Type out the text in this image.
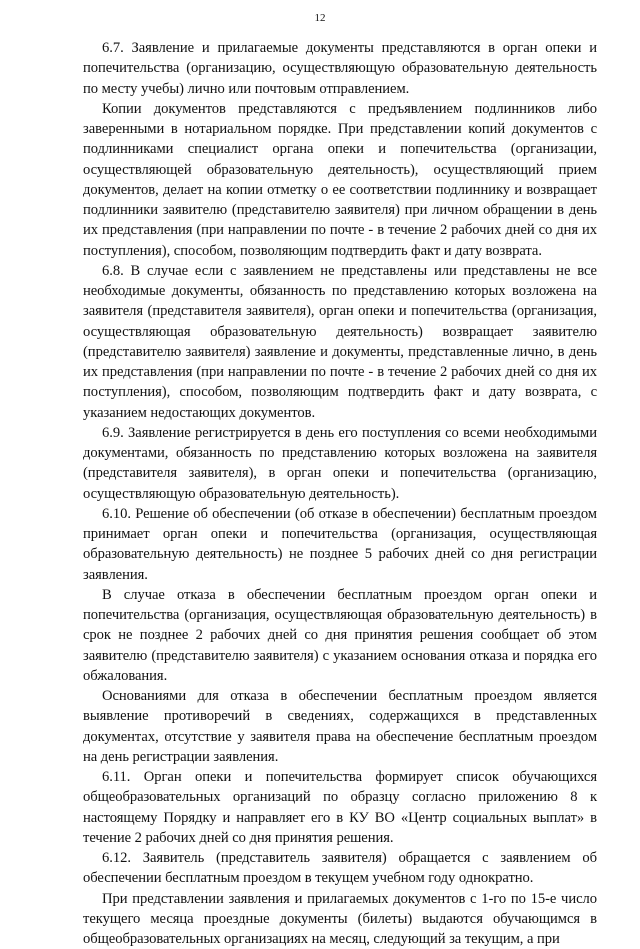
12

6.7. Заявление и прилагаемые документы представляются в орган опеки и попечительства (организацию, осуществляющую образовательную деятельность по месту учебы) лично или почтовым отправлением.

Копии документов представляются с предъявлением подлинников либо заверенными в нотариальном порядке. При представлении копий документов с подлинниками специалист органа опеки и попечительства (организации, осуществляющей образовательную деятельность), осуществляющий прием документов, делает на копии отметку о ее соответствии подлиннику и возвращает подлинники заявителю (представителю заявителя) при личном обращении в день их представления (при направлении по почте - в течение 2 рабочих дней со дня их поступления), способом, позволяющим подтвердить факт и дату возврата.

6.8. В случае если с заявлением не представлены или представлены не все необходимые документы, обязанность по представлению которых возложена на заявителя (представителя заявителя), орган опеки и попечительства (организация, осуществляющая образовательную деятельность) возвращает заявителю (представителю заявителя) заявление и документы, представленные лично, в день их представления (при направлении по почте - в течение 2 рабочих дней со дня их поступления), способом, позволяющим подтвердить факт и дату возврата, с указанием недостающих документов.

6.9. Заявление регистрируется в день его поступления со всеми необходимыми документами, обязанность по представлению которых возложена на заявителя (представителя заявителя), в орган опеки и попечительства (организацию, осуществляющую образовательную деятельность).

6.10. Решение об обеспечении (об отказе в обеспечении) бесплатным проездом принимает орган опеки и попечительства (организация, осуществляющая образовательную деятельность) не позднее 5 рабочих дней со дня регистрации заявления.

В случае отказа в обеспечении бесплатным проездом орган опеки и попечительства (организация, осуществляющая образовательную деятельность) в срок не позднее 2 рабочих дней со дня принятия решения сообщает об этом заявителю (представителю заявителя) с указанием основания отказа и порядка его обжалования.

Основаниями для отказа в обеспечении бесплатным проездом является выявление противоречий в сведениях, содержащихся в представленных документах, отсутствие у заявителя права на обеспечение бесплатным проездом на день регистрации заявления.

6.11. Орган опеки и попечительства формирует список обучающихся общеобразовательных организаций по образцу согласно приложению 8 к настоящему Порядку и направляет его в КУ ВО «Центр социальных выплат» в течение 2 рабочих дней со дня принятия решения.

6.12. Заявитель (представитель заявителя) обращается с заявлением об обеспечении бесплатным проездом в текущем учебном году однократно.

При представлении заявления и прилагаемых документов с 1-го по 15-е число текущего месяца проездные документы (билеты) выдаются обучающимся в общеобразовательных организациях на месяц, следующий за текущим, а при
